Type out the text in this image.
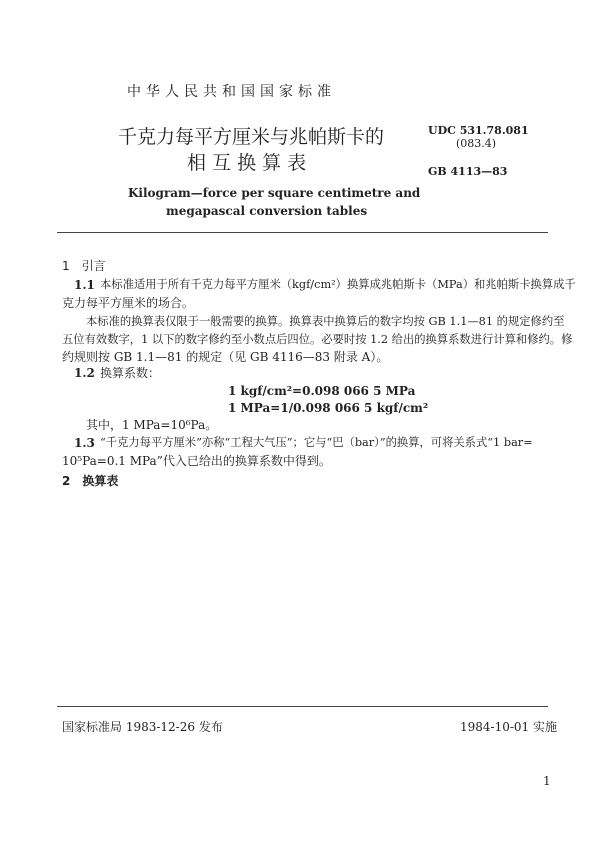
中华人民共和国国家标准
千克力每平方厘米与兆帕斯卡的
相 互 换 算 表
UDC 531.78.081
(083.4)
GB 4113—83
Kilogram—force per square centimetre and
megapascal conversion tables
1　引言
1.1 本标准适用于所有千克力每平方厘米（kgf/cm²）换算成兆帕斯卡（MPa）和兆帕斯卡换算成千
克力每平方厘米的场合。
本标准的换算表仅限于一般需要的换算。换算表中换算后的数字均按 GB 1.1—81 的规定修约至
五位有效数字，1 以下的数字修约至小数点后四位。必要时按 1.2 给出的换算系数进行计算和修约。修
约规则按 GB 1.1—81 的规定（见 GB 4116—83 附录 A）。
1.2 换算系数：
1 kgf/cm²=0.098 066 5 MPa
1 MPa=1/0.098 066 5 kgf/cm²
其中，1 MPa=10⁶Pa。
1.3 “千克力每平方厘米”亦称“工程大气压”；它与“巴（bar）”的换算，可将关系式“1 bar=
10⁵Pa=0.1 MPa”代入已给出的换算系数中得到。
2　换算表
国家标准局 1983-12-26 发布	1984-10-01 实施
1
